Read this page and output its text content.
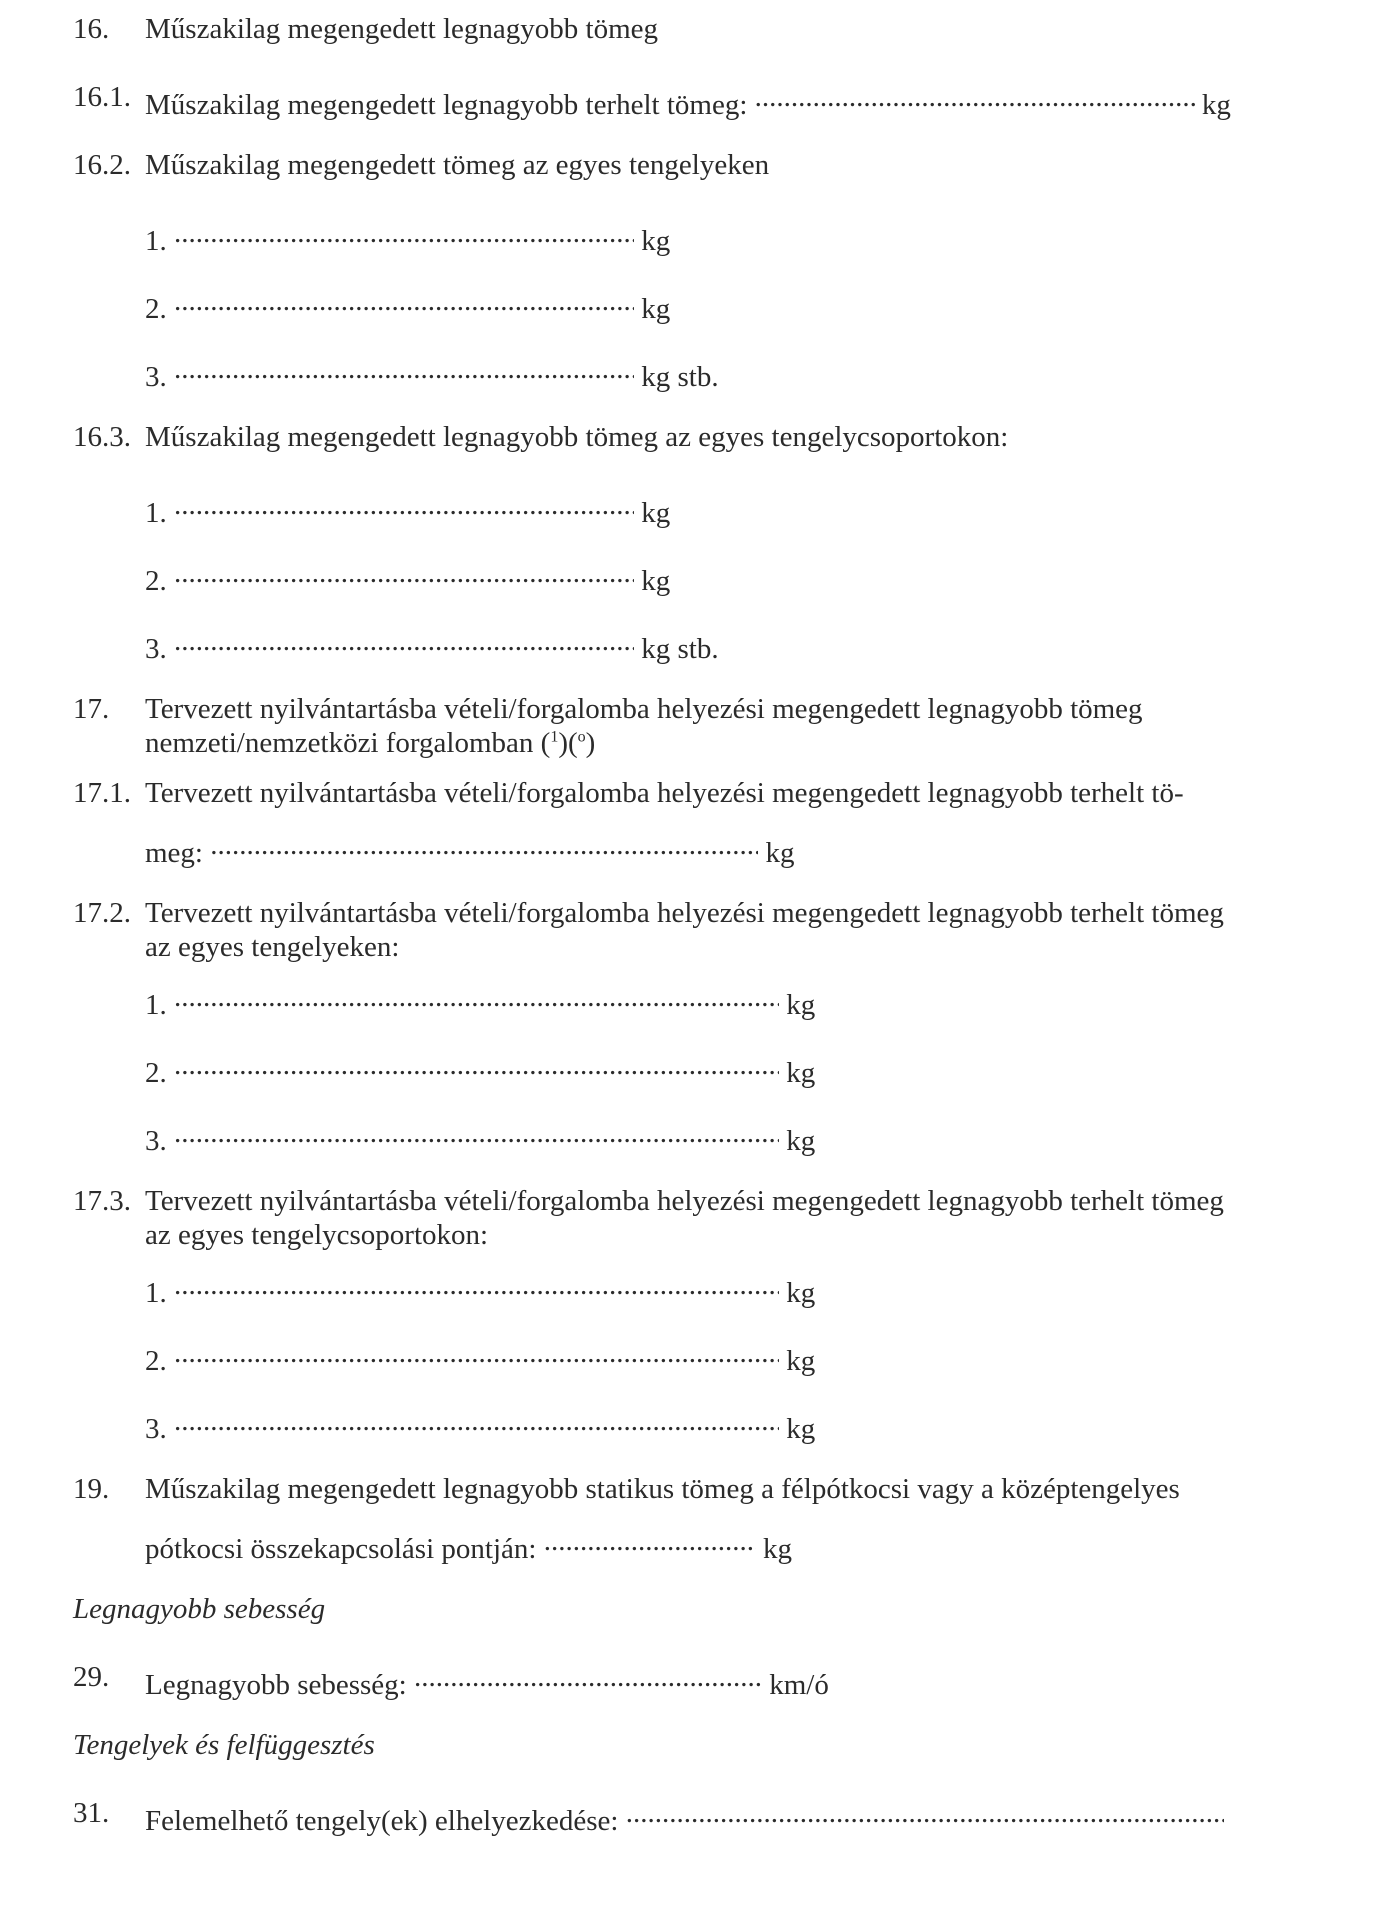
16. Műszakilag megengedett legnagyobb tömeg
16.1. Műszakilag megengedett legnagyobb terhelt tömeg: .....	kg
16.2. Műszakilag megengedett tömeg az egyes tengelyeken
1. .....	kg
2. .....	kg
3. .....	kg stb.
16.3. Műszakilag megengedett legnagyobb tömeg az egyes tengelycsoportokon:
1. .....	kg
2. .....	kg
3. .....	kg stb.
17. Tervezett nyilvántartásba vételi/forgalomba helyezési megengedett legnagyobb tömeg
nemzeti/nemzetközi forgalomban ($^1$)($^o$)
17.1. Tervezett nyilvántartásba vételi/forgalomba helyezési megengedett legnagyobb terhelt tö-
meg: .....	kg
17.2. Tervezett nyilvántartásba vételi/forgalomba helyezési megengedett legnagyobb terhelt tömeg
az egyes tengelyeken:
1. .....	kg
2. .....	kg
3. .....	kg
17.3. Tervezett nyilvántartásba vételi/forgalomba helyezési megengedett legnagyobb terhelt tömeg
az egyes tengelycsoportokon:
1. .....	kg
2. .....	kg
3. .....	kg
19. Műszakilag megengedett legnagyobb statikus tömeg a félpótkocsi vagy a középtengelyes
pótkocsi összekapcsolási pontján: .....	kg
Legnagyobb sebesség
29. Legnagyobb sebesség: .....	km/ó
Tengelyek és felfüggesztés
31. Felemelhető tengely(ek) elhelyezkedése: .....
